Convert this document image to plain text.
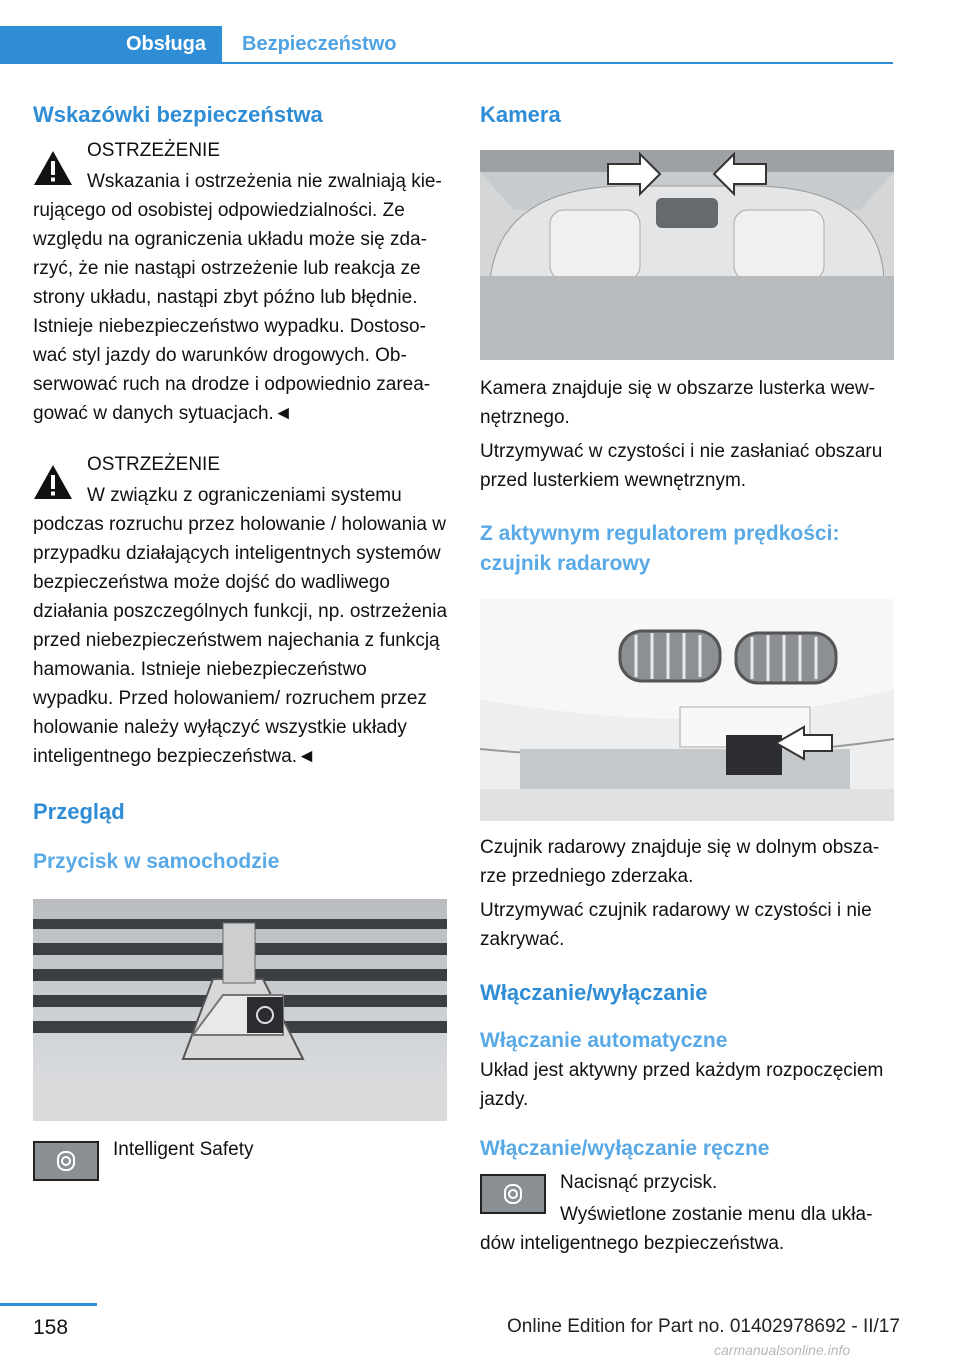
Obsługa	Bezpieczeństwo
Wskazówki bezpieczeństwa

OSTRZEŻENIE

Wskazania i ostrzeżenia nie zwalniają kierującego od osobistej odpowiedzialności. Ze względu na ograniczenia układu może się zdarzyć, że nie nastąpi ostrzeżenie lub reakcja ze strony układu, nastąpi zbyt późno lub błędnie. Istnieje niebezpieczeństwo wypadku. Dostosować styl jazdy do warunków drogowych. Obserwować ruch na drodze i odpowiednio zareagować w danych sytuacjach.◄

OSTRZEŻENIE

W związku z ograniczeniami systemu podczas rozruchu przez holowanie / holowania w przypadku działających inteligentnych systemów bezpieczeństwa może dojść do wadliwego działania poszczególnych funkcji, np. ostrzeżenia przed niebezpieczeństwem najechania z funkcją hamowania. Istnieje niebezpieczeństwo wypadku. Przed holowaniem/ rozruchem przez holowanie należy wyłączyć wszystkie układy inteligentnego bezpieczeństwa.◄

Przegląd
Przycisk w samochodzie

Intelligent Safety

Kamera

Kamera znajduje się w obszarze lusterka wewnętrznego.

Utrzymywać w czystości i nie zasłaniać obszaru przed lusterkiem wewnętrznym.

Z aktywnym regulatorem prędkości: czujnik radarowy

Czujnik radarowy znajduje się w dolnym obszarze przedniego zderzaka.

Utrzymywać czujnik radarowy w czystości i nie zakrywać.

Włączanie/wyłączanie
Włączanie automatyczne

Układ jest aktywny przed każdym rozpoczęciem jazdy.

Włączanie/wyłączanie ręczne

Nacisnąć przycisk.

Wyświetlone zostanie menu dla układów inteligentnego bezpieczeństwa.

158	Online Edition for Part no. 01402978692 - II/17
carmanualsonline.info
